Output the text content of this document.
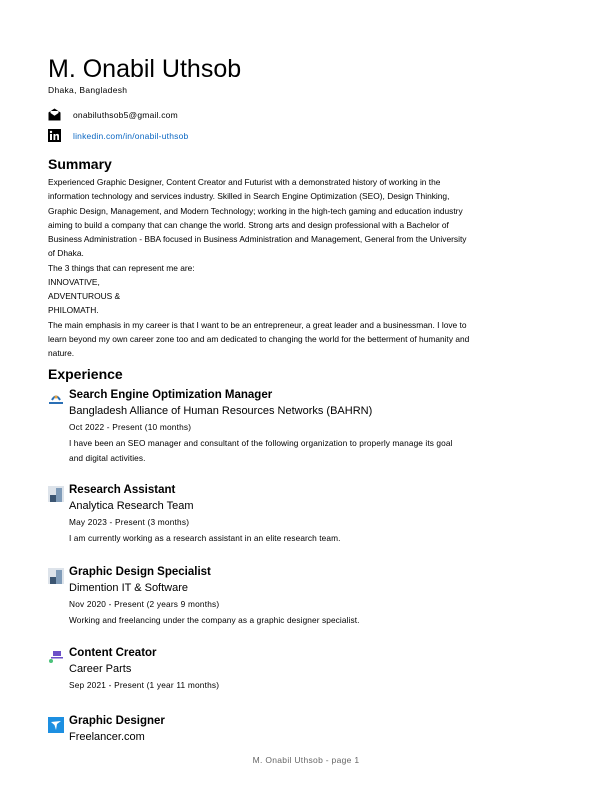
M. Onabil Uthsob
Dhaka, Bangladesh
onabiluthsob5@gmail.com
linkedin.com/in/onabil-uthsob
Summary
Experienced Graphic Designer, Content Creator and Futurist with a demonstrated history of working in the
information technology and services industry. Skilled in Search Engine Optimization (SEO), Design Thinking,
Graphic Design, Management, and Modern Technology; working in the high-tech gaming and education industry
aiming to build a company that can change the world. Strong arts and design professional with a Bachelor of
Business Administration - BBA focused in Business Administration and Management, General from the University
of Dhaka.
The 3 things that can represent me are:
INNOVATIVE,
ADVENTUROUS &
PHILOMATH.
The main emphasis in my career is that I want to be an entrepreneur, a great leader and a businessman. I love to
learn beyond my own career zone too and am dedicated to changing the world for the betterment of humanity and
nature.
Experience
Search Engine Optimization Manager
Bangladesh Alliance of Human Resources Networks (BAHRN)
Oct 2022 - Present (10 months)
I have been an SEO manager and consultant of the following organization to properly manage its goal
and digital activities.
Research Assistant
Analytica Research Team
May 2023 - Present (3 months)
I am currently working as a research assistant in an elite research team.
Graphic Design Specialist
Dimention IT & Software
Nov 2020 - Present (2 years 9 months)
Working and freelancing under the company as a graphic designer specialist.
Content Creator
Career Parts
Sep 2021 - Present (1 year 11 months)
Graphic Designer
Freelancer.com
M. Onabil Uthsob - page 1
